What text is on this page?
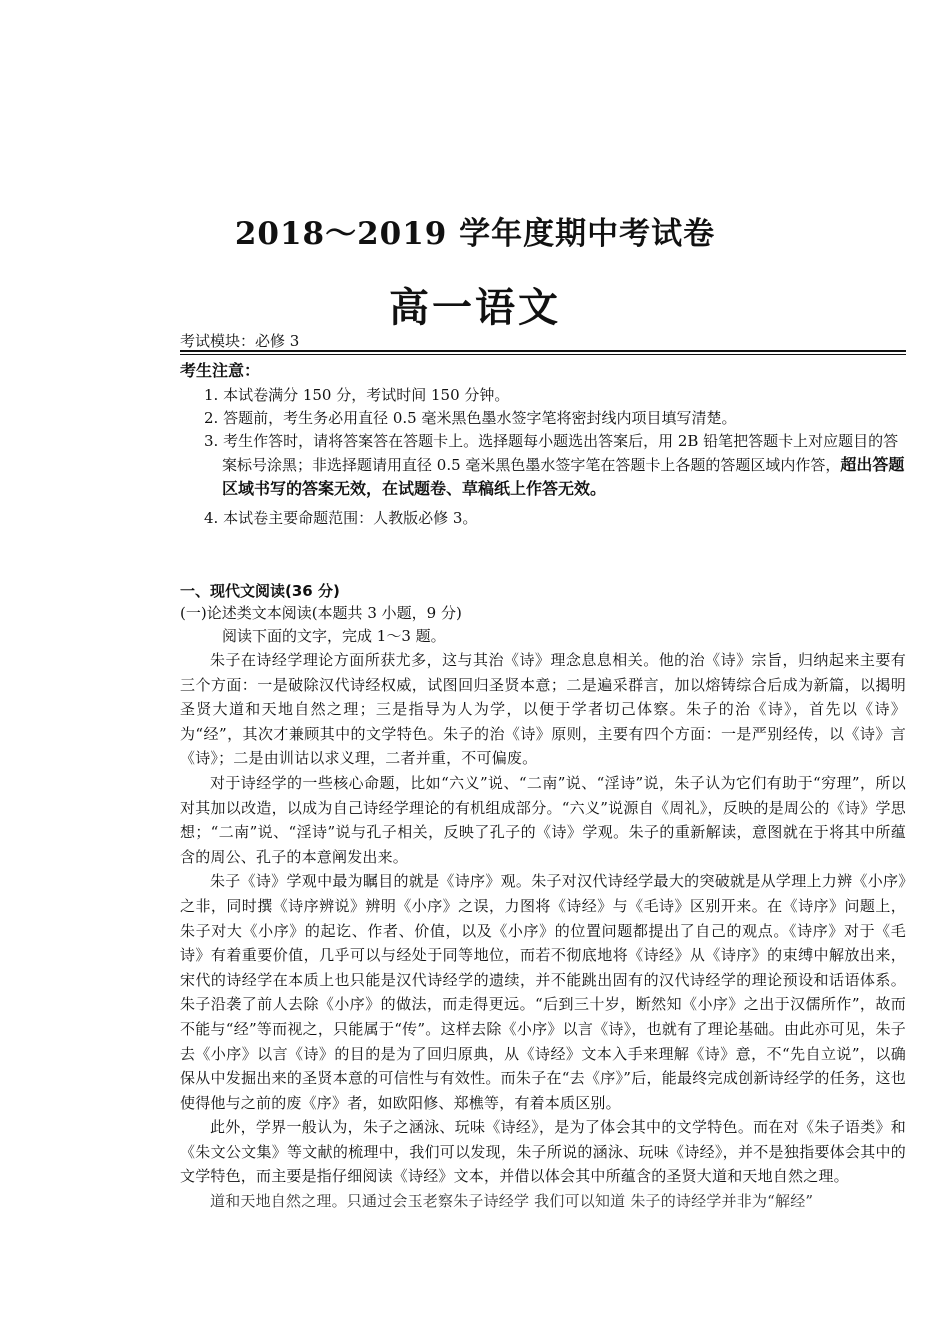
2018～2019 学年度期中考试卷
高一语文
考试模块：必修 3
考生注意：
1. 本试卷满分 150 分，考试时间 150 分钟。
2. 答题前，考生务必用直径 0.5 毫米黑色墨水签字笔将密封线内项目填写清楚。
3. 考生作答时，请将答案答在答题卡上。选择题每小题选出答案后，用 2B 铅笔把答题卡上对应题目的答案标号涂黑；非选择题请用直径 0.5 毫米黑色墨水签字笔在答题卡上各题的答题区域内作答，超出答题区域书写的答案无效，在试题卷、草稿纸上作答无效。
4. 本试卷主要命题范围：人教版必修 3。
一、现代文阅读(36 分)
(一)论述类文本阅读(本题共 3 小题，9 分)
阅读下面的文字，完成 1～3 题。
朱子在诗经学理论方面所获尤多，这与其治《诗》理念息息相关。他的治《诗》宗旨，归纳起来主要有三个方面：一是破除汉代诗经权威，试图回归圣贤本意；二是遍采群言，加以熔铸综合后成为新篇，以揭明圣贤大道和天地自然之理；三是指导为人为学，以便于学者切己体察。朱子的治《诗》，首先以《诗》为“经”，其次才兼顾其中的文学特色。朱子的治《诗》原则，主要有四个方面：一是严别经传，以《诗》言《诗》；二是由训诂以求义理，二者并重，不可偏废。
对于诗经学的一些核心命题，比如“六义”说、“二南”说、“淫诗”说，朱子认为它们有助于“穷理”，所以对其加以改造，以成为自己诗经学理论的有机组成部分。“六义”说源自《周礼》，反映的是周公的《诗》学思想；“二南”说、“淫诗”说与孔子相关，反映了孔子的《诗》学观。朱子的重新解读，意图就在于将其中所蕴含的周公、孔子的本意阐发出来。
朱子《诗》学观中最为瞩目的就是《诗序》观。朱子对汉代诗经学最大的突破就是从学理上力辨《小序》之非，同时撰《诗序辨说》辨明《小序》之误，力图将《诗经》与《毛诗》区别开来。在《诗序》问题上，朱子对大《小序》的起讫、作者、价值，以及《小序》的位置问题都提出了自己的观点。《诗序》对于《毛诗》有着重要价值，几乎可以与经处于同等地位，而若不彻底地将《诗经》从《诗序》的束缚中解放出来，宋代的诗经学在本质上也只能是汉代诗经学的遗续，并不能跳出固有的汉代诗经学的理论预设和话语体系。朱子沿袭了前人去除《小序》的做法，而走得更远。“后到三十岁，断然知《小序》之出于汉儒所作”，故而不能与“经”等而视之，只能属于“传”。这样去除《小序》以言《诗》，也就有了理论基础。由此亦可见，朱子去《小序》以言《诗》的目的是为了回归原典，从《诗经》文本入手来理解《诗》意，不“先自立说”，以确保从中发掘出来的圣贤本意的可信性与有效性。而朱子在“去《序》”后，能最终完成创新诗经学的任务，这也使得他与之前的废《序》者，如欧阳修、郑樵等，有着本质区别。
此外，学界一般认为，朱子之涵泳、玩味《诗经》，是为了体会其中的文学特色。而在对《朱子语类》和《朱文公文集》等文献的梳理中，我们可以发现，朱子所说的涵泳、玩味《诗经》，并不是独指要体会其中的文学特色，而主要是指仔细阅读《诗经》文本，并借以体会其中所蕴含的圣贤大道和天地自然之理。
道和天地自然之理。只通过会玉老察朱子诗经学 我们可以知道 朱子的诗经学并非为“解经”
